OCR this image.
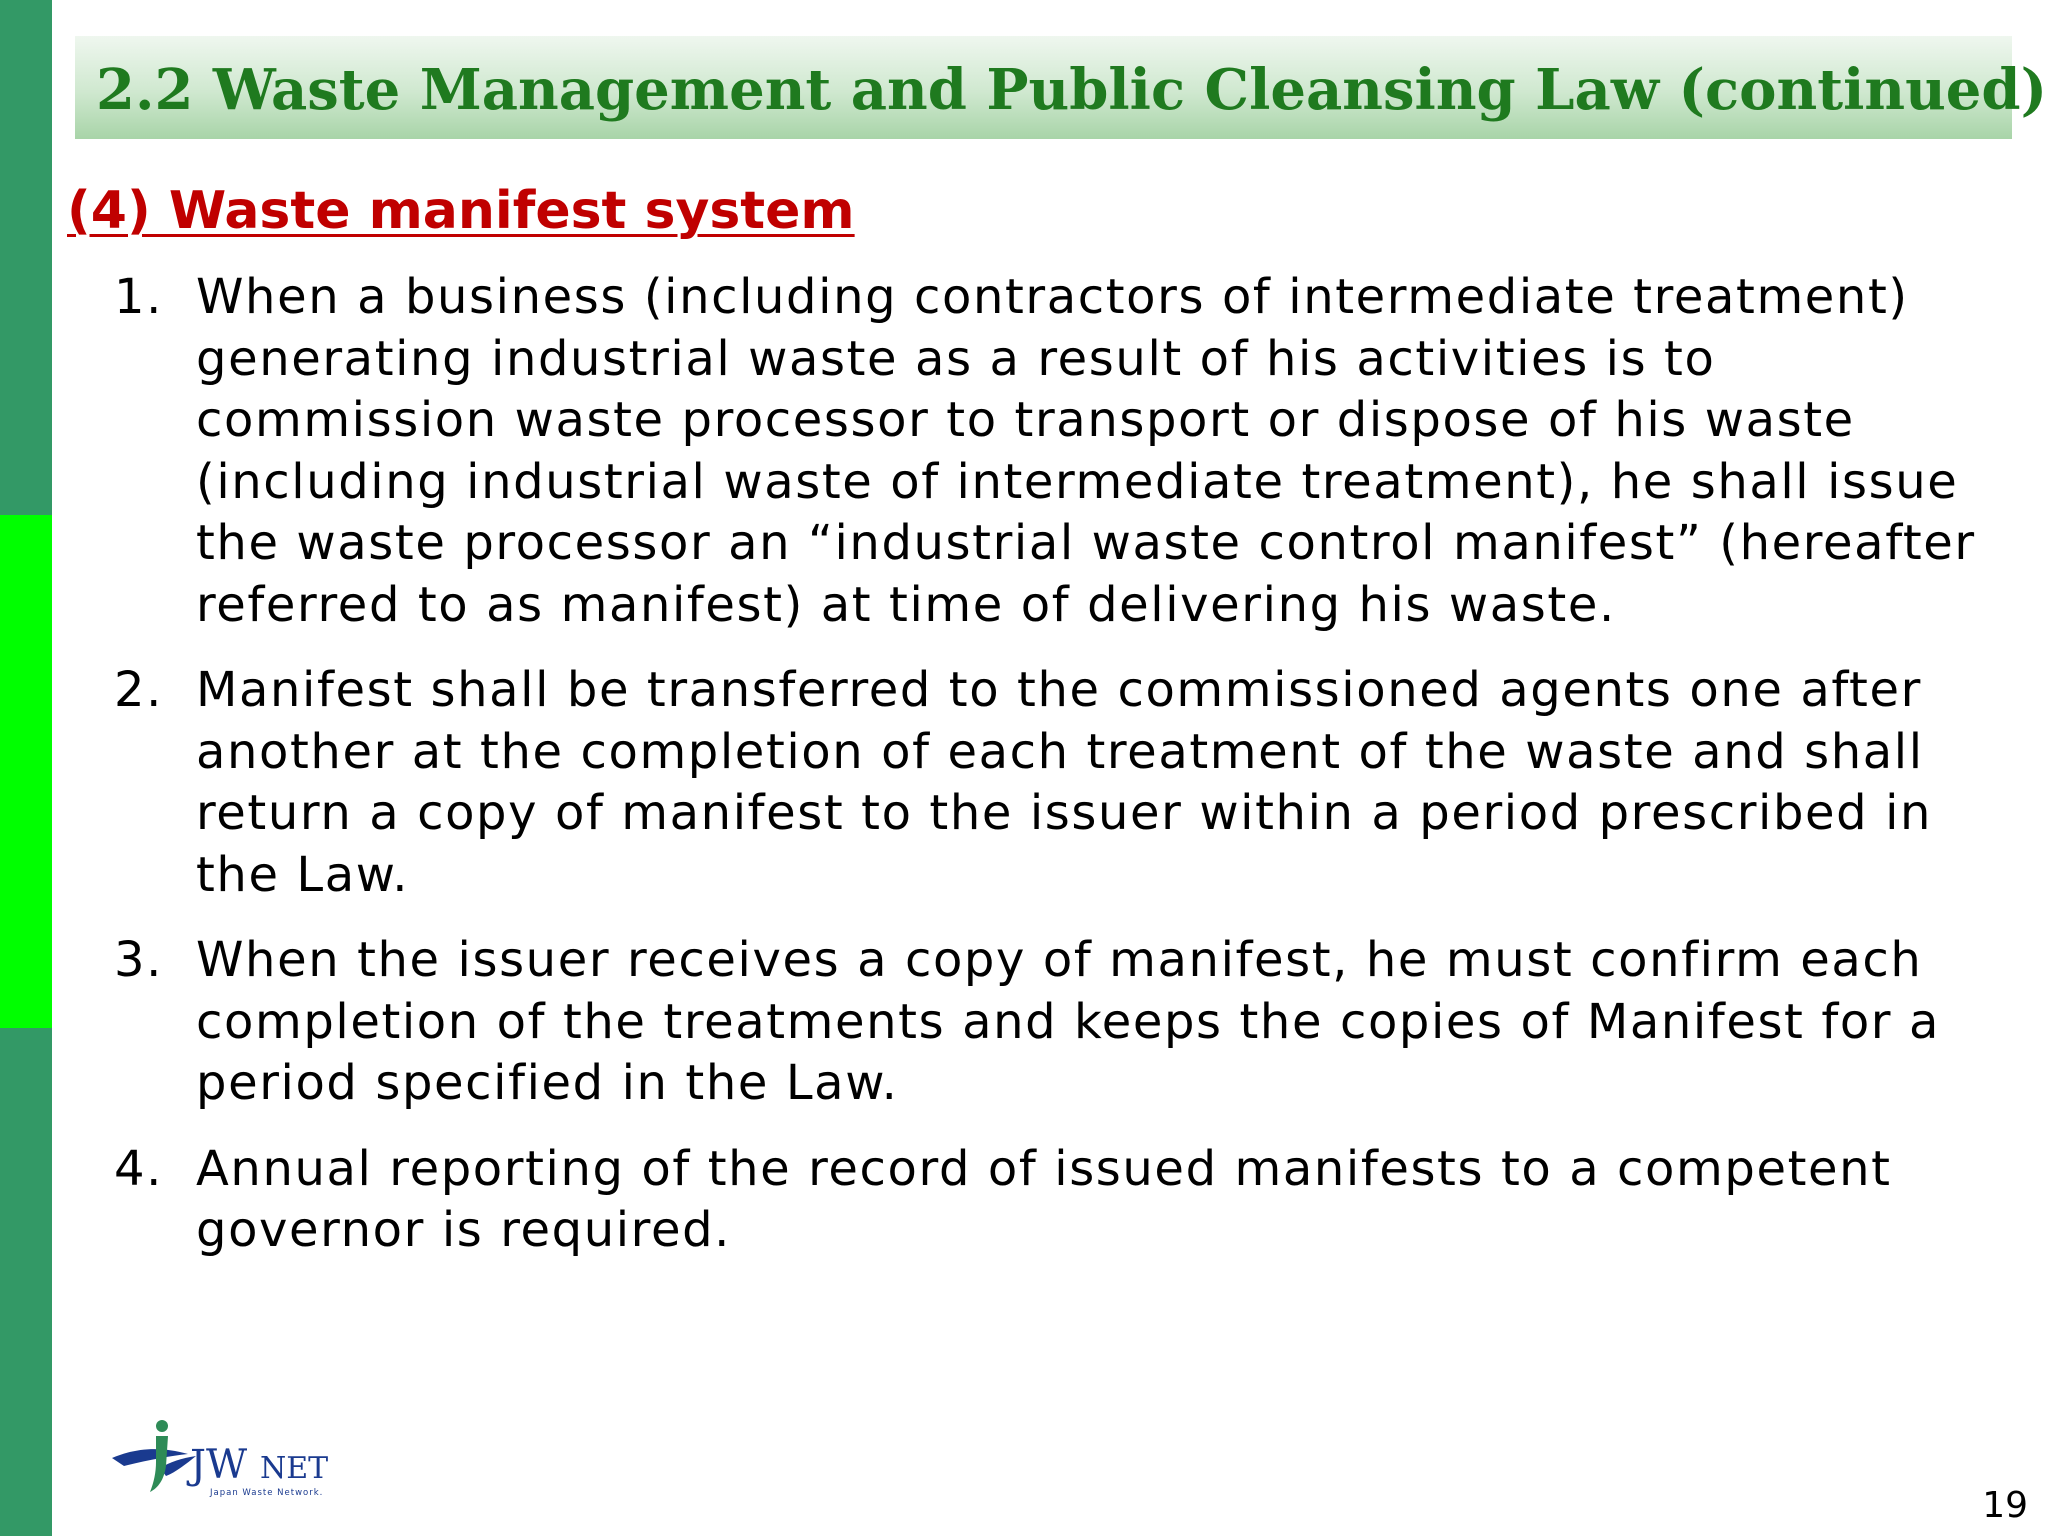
2.2 Waste Management and Public Cleansing Law (continued)
(4) Waste manifest system
1. When a business (including contractors of intermediate treatment) generating industrial waste as a result of his activities is to commission waste processor to transport or dispose of his waste (including industrial waste of intermediate treatment), he shall issue the waste processor an “industrial waste control manifest” (hereafter referred to as manifest) at time of delivering his waste.
2. Manifest shall be transferred to the commissioned agents one after another at the completion of each treatment of the waste and shall return a copy of manifest to the issuer within a period prescribed in the Law.
3. When the issuer receives a copy of manifest, he must confirm each completion of the treatments and keeps the copies of Manifest for a period specified in the Law.
4. Annual reporting of the record of issued manifests to a competent governor is required.
JW NET
Japan Waste Network.	19
